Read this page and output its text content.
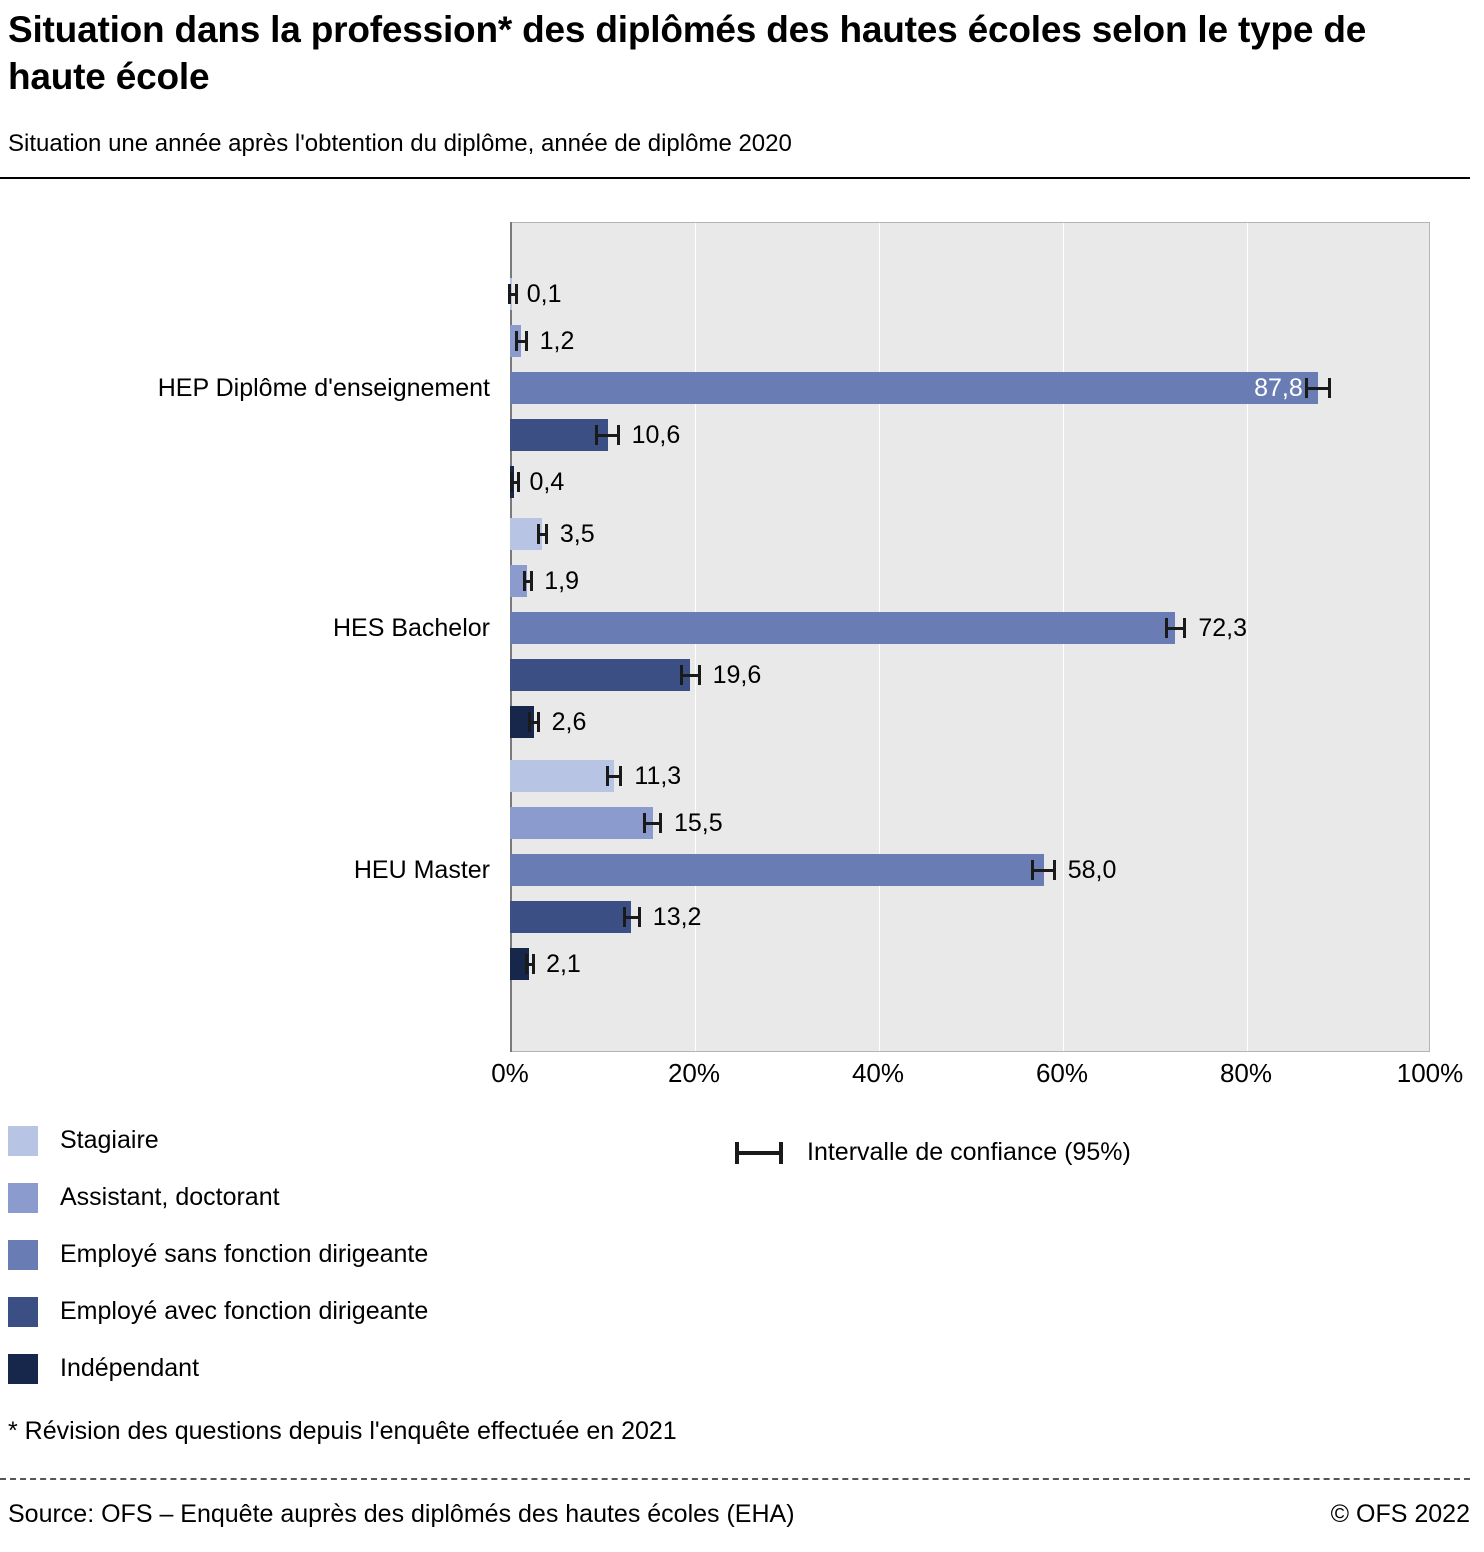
Situation dans la profession* des diplômés des hautes écoles selon le type de haute école
Situation une année après l'obtention du diplôme, année de diplôme 2020
0,1
1,2
87,8
10,6
0,4
3,5
1,9
72,3
19,6
2,6
11,3
15,5
58,0
13,2
2,1
HEP Diplôme d'enseignement
HES Bachelor
HEU Master
0%	20%	40%	60%	80%	100%
Stagiaire
Assistant, doctorant
Employé sans fonction dirigeante
Employé avec fonction dirigeante
Indépendant
Intervalle de confiance (95%)
* Révision des questions depuis l'enquête effectuée en 2021
Source: OFS – Enquête auprès des diplômés des hautes écoles (EHA)	© OFS 2022
